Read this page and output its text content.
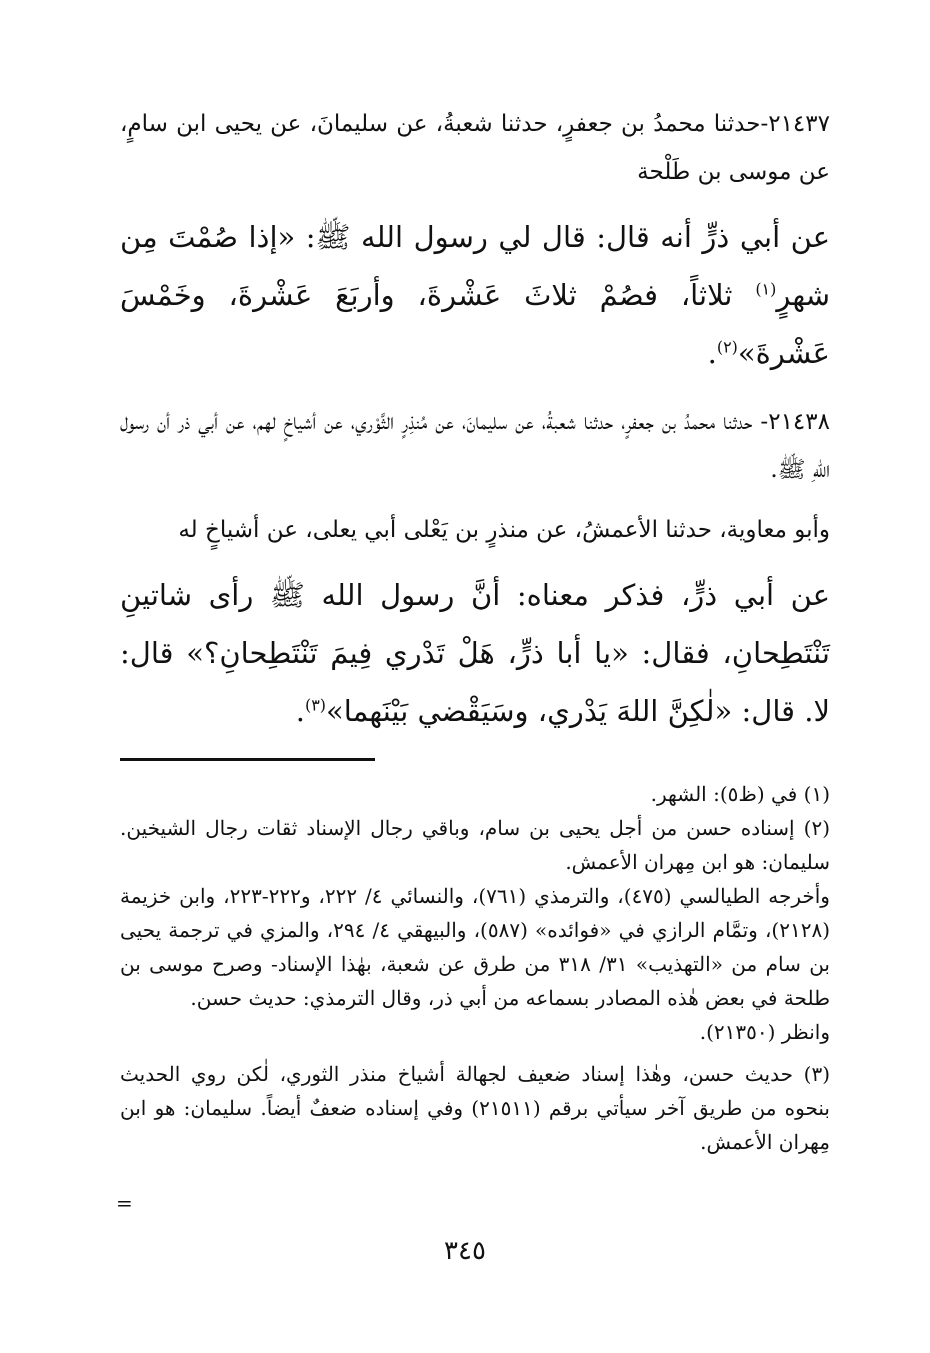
٢١٤٣٧-حدثنا محمدُ بن جعفرٍ، حدثنا شعبةُ، عن سليمانَ، عن يحيى ابن سامٍ، عن موسى بن طَلْحة

عن أبي ذرٍّ أنه قال: قال لي رسول الله ﷺ: «إذا صُمْتَ مِن شهرٍ$^{(١)}$ ثلاثاً، فصُمْ ثلاثَ عَشْرةَ، وأربَعَ عَشْرةَ، وخَمْسَ عَشْرةَ»$^{(٢)}$.

٢١٤٣٨- حدثنا محمدُ بن جعفرٍ، حدثنا شعبةُ، عن سليمانَ، عن مُنذِرٍ الثَّوْري، عن أشياخٍ لهم، عن أبي ذر أن رسول اللهِ ﷺ.

وأبو معاوية، حدثنا الأعمشُ، عن منذرٍ بن يَعْلى أبي يعلى، عن أشياخٍ له

عن أبي ذرٍّ، فذكر معناه: أنَّ رسول الله ﷺ رأى شاتينِ تَنْتَطِحانِ، فقال: «يا أبا ذرٍّ، هَلْ تَدْري فِيمَ تَنْتَطِحانِ؟» قال: لا. قال: «لٰكِنَّ اللهَ يَدْري، وسَيَقْضي بَيْنَهما»$^{(٣)}$.

(١) في (ظ٥): الشهر.

(٢) إسناده حسن من أجل يحيى بن سام، وباقي رجال الإسناد ثقات رجال الشيخين. سليمان: هو ابن مِهران الأعمش.

وأخرجه الطيالسي (٤٧٥)، والترمذي (٧٦١)، والنسائي ٤/ ٢٢٢، و٢٢٢-٢٢٣، وابن خزيمة (٢١٢٨)، وتمَّام الرازي في «فوائده» (٥٨٧)، والبيهقي ٤/ ٢٩٤، والمزي في ترجمة يحيى بن سام من «التهذيب» ٣١/ ٣١٨ من طرق عن شعبة، بهٰذا الإسناد- وصرح موسى بن طلحة في بعض هٰذه المصادر بسماعه من أبي ذر، وقال الترمذي: حديث حسن.

وانظر (٢١٣٥٠).

(٣) حديث حسن، وهٰذا إسناد ضعيف لجهالة أشياخ منذر الثوري، لٰكن روي الحديث بنحوه من طريق آخر سيأتي برقم (٢١٥١١) وفي إسناده ضعفٌ أيضاً. سليمان: هو ابن مِهران الأعمش.

=
٣٤٥
